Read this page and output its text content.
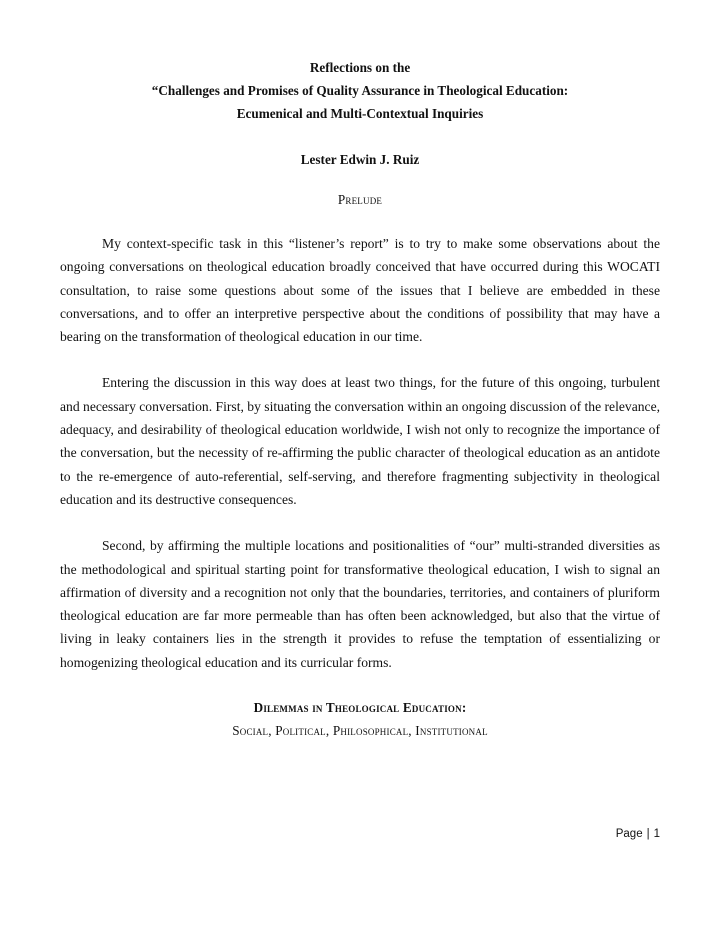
Reflections on the

“Challenges and Promises of Quality Assurance in Theological Education:

Ecumenical and Multi-Contextual Inquiries

Lester Edwin J. Ruiz
Prelude

My context-specific task in this “listener’s report” is to try to make some observations about the ongoing conversations on theological education broadly conceived that have occurred during this WOCATI consultation, to raise some questions about some of the issues that I believe are embedded in these conversations, and to offer an interpretive perspective about the conditions of possibility that may have a bearing on the transformation of theological education in our time.

Entering the discussion in this way does at least two things, for the future of this ongoing, turbulent and necessary conversation. First, by situating the conversation within an ongoing discussion of the relevance, adequacy, and desirability of theological education worldwide, I wish not only to recognize the importance of the conversation, but the necessity of re-affirming the public character of theological education as an antidote to the re-emergence of auto-referential, self-serving, and therefore fragmenting subjectivity in theological education and its destructive consequences.

Second, by affirming the multiple locations and positionalities of “our” multi-stranded diversities as the methodological and spiritual starting point for transformative theological education, I wish to signal an affirmation of diversity and a recognition not only that the boundaries, territories, and containers of pluriform theological education are far more permeable than has often been acknowledged, but also that the virtue of living in leaky containers lies in the strength it provides to refuse the temptation of essentializing or homogenizing theological education and its curricular forms.

Dilemmas in Theological Education:
Social, Political, Philosophical, Institutional
Page | 1
